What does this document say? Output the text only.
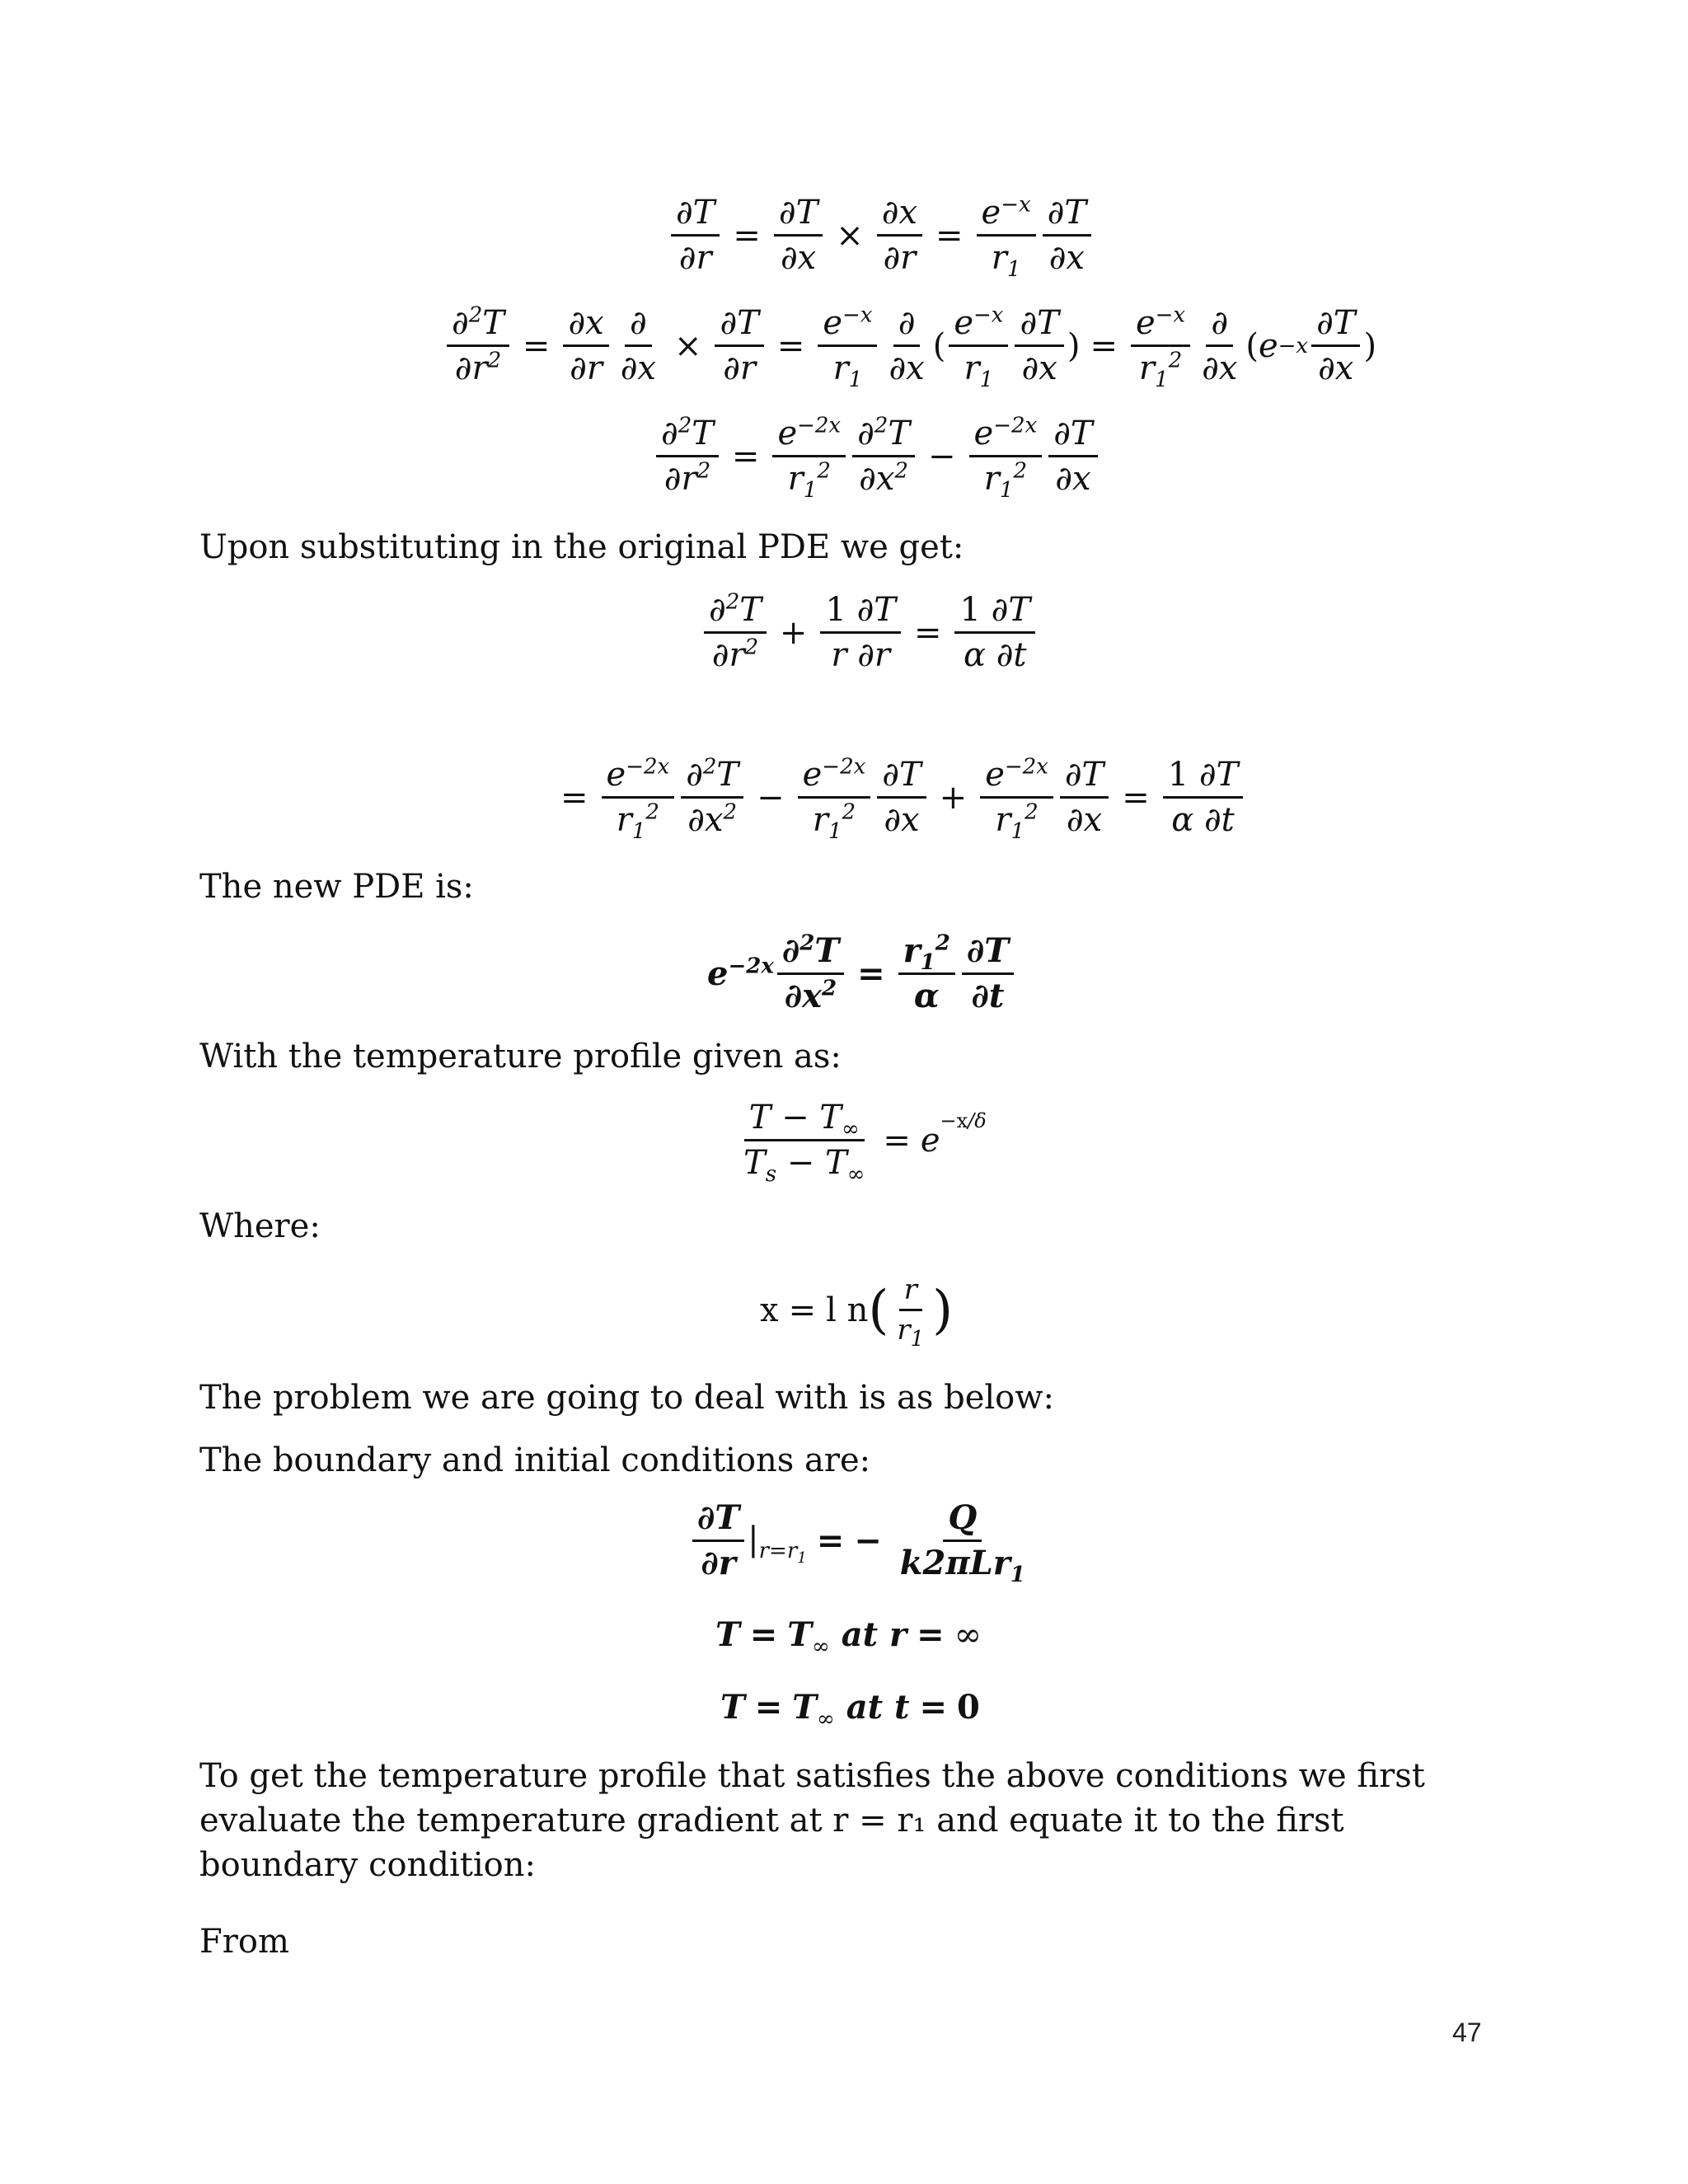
$\frac{\partial T}{\partial r} = \frac{\partial T}{\partial x} \times \frac{\partial x}{\partial r} = \frac{e^{-x}}{r_1} \frac{\partial T}{\partial x}$
$\frac{\partial^2T}{\partial r^2} = \frac{\partial x}{\partial r} \frac{\partial}{\partial x} \times \frac{\partial T}{\partial r} = \frac{e^{-x}}{r_1} \frac{\partial}{\partial x}$ ( $\frac{e^{-x}}{r_1} \frac{\partial T}{\partial x}$ ) = $\frac{e^{-x}}{r_1^2} \frac{\partial}{\partial x}$ ( $e -x \frac{\partial T}{\partial x}$ )
$\frac{\partial^2T}{\partial r^2} = \frac{e^{-2x}}{r_1^2} \frac{\partial^2T}{\partial x^2} - \frac{e^{-2x}}{r_1^2} \frac{\partial T}{\partial x}$
Upon substituting in the original PDE we get:
$\frac{\partial^2T}{\partial r^2} + \frac{1 \partial T}{r \partial r} = \frac{1 \partial T}{\alpha \partial t}$
= $\frac{e^{-2x}}{r_1^2} \frac{\partial^2T}{\partial x^2} - \frac{e^{-2x}}{r_1^2} \frac{\partial T}{\partial x} + \frac{e^{-2x}}{r_1^2} \frac{\partial T}{\partial x} = \frac{1 \partial T}{\alpha \partial t}$
The new PDE is:
$e^{-2x} \frac{\partial^2T}{\partial x^2} = \frac{r_1^2}{\alpha} \frac{\partial T}{\partial t}$
With the temperature profile given as:
$\frac{T - T_\infty}{T_s - T_\infty} = e^{-x/\delta}$
Where:
x = l n ( $\frac{r}{r_1}$ )
The problem we are going to deal with is as below:
The boundary and initial conditions are:
$\frac{\partial T}{\partial r} |_{r=r_1}$ = − $\frac{Q}{k2\pi Lr_1}$
$T = T_\infty$ at r = ∞
$T = T_\infty$ at t = 0
To get the temperature profile that satisfies the above conditions we first evaluate the temperature gradient at r = r₁ and equate it to the first boundary condition:
From
47
